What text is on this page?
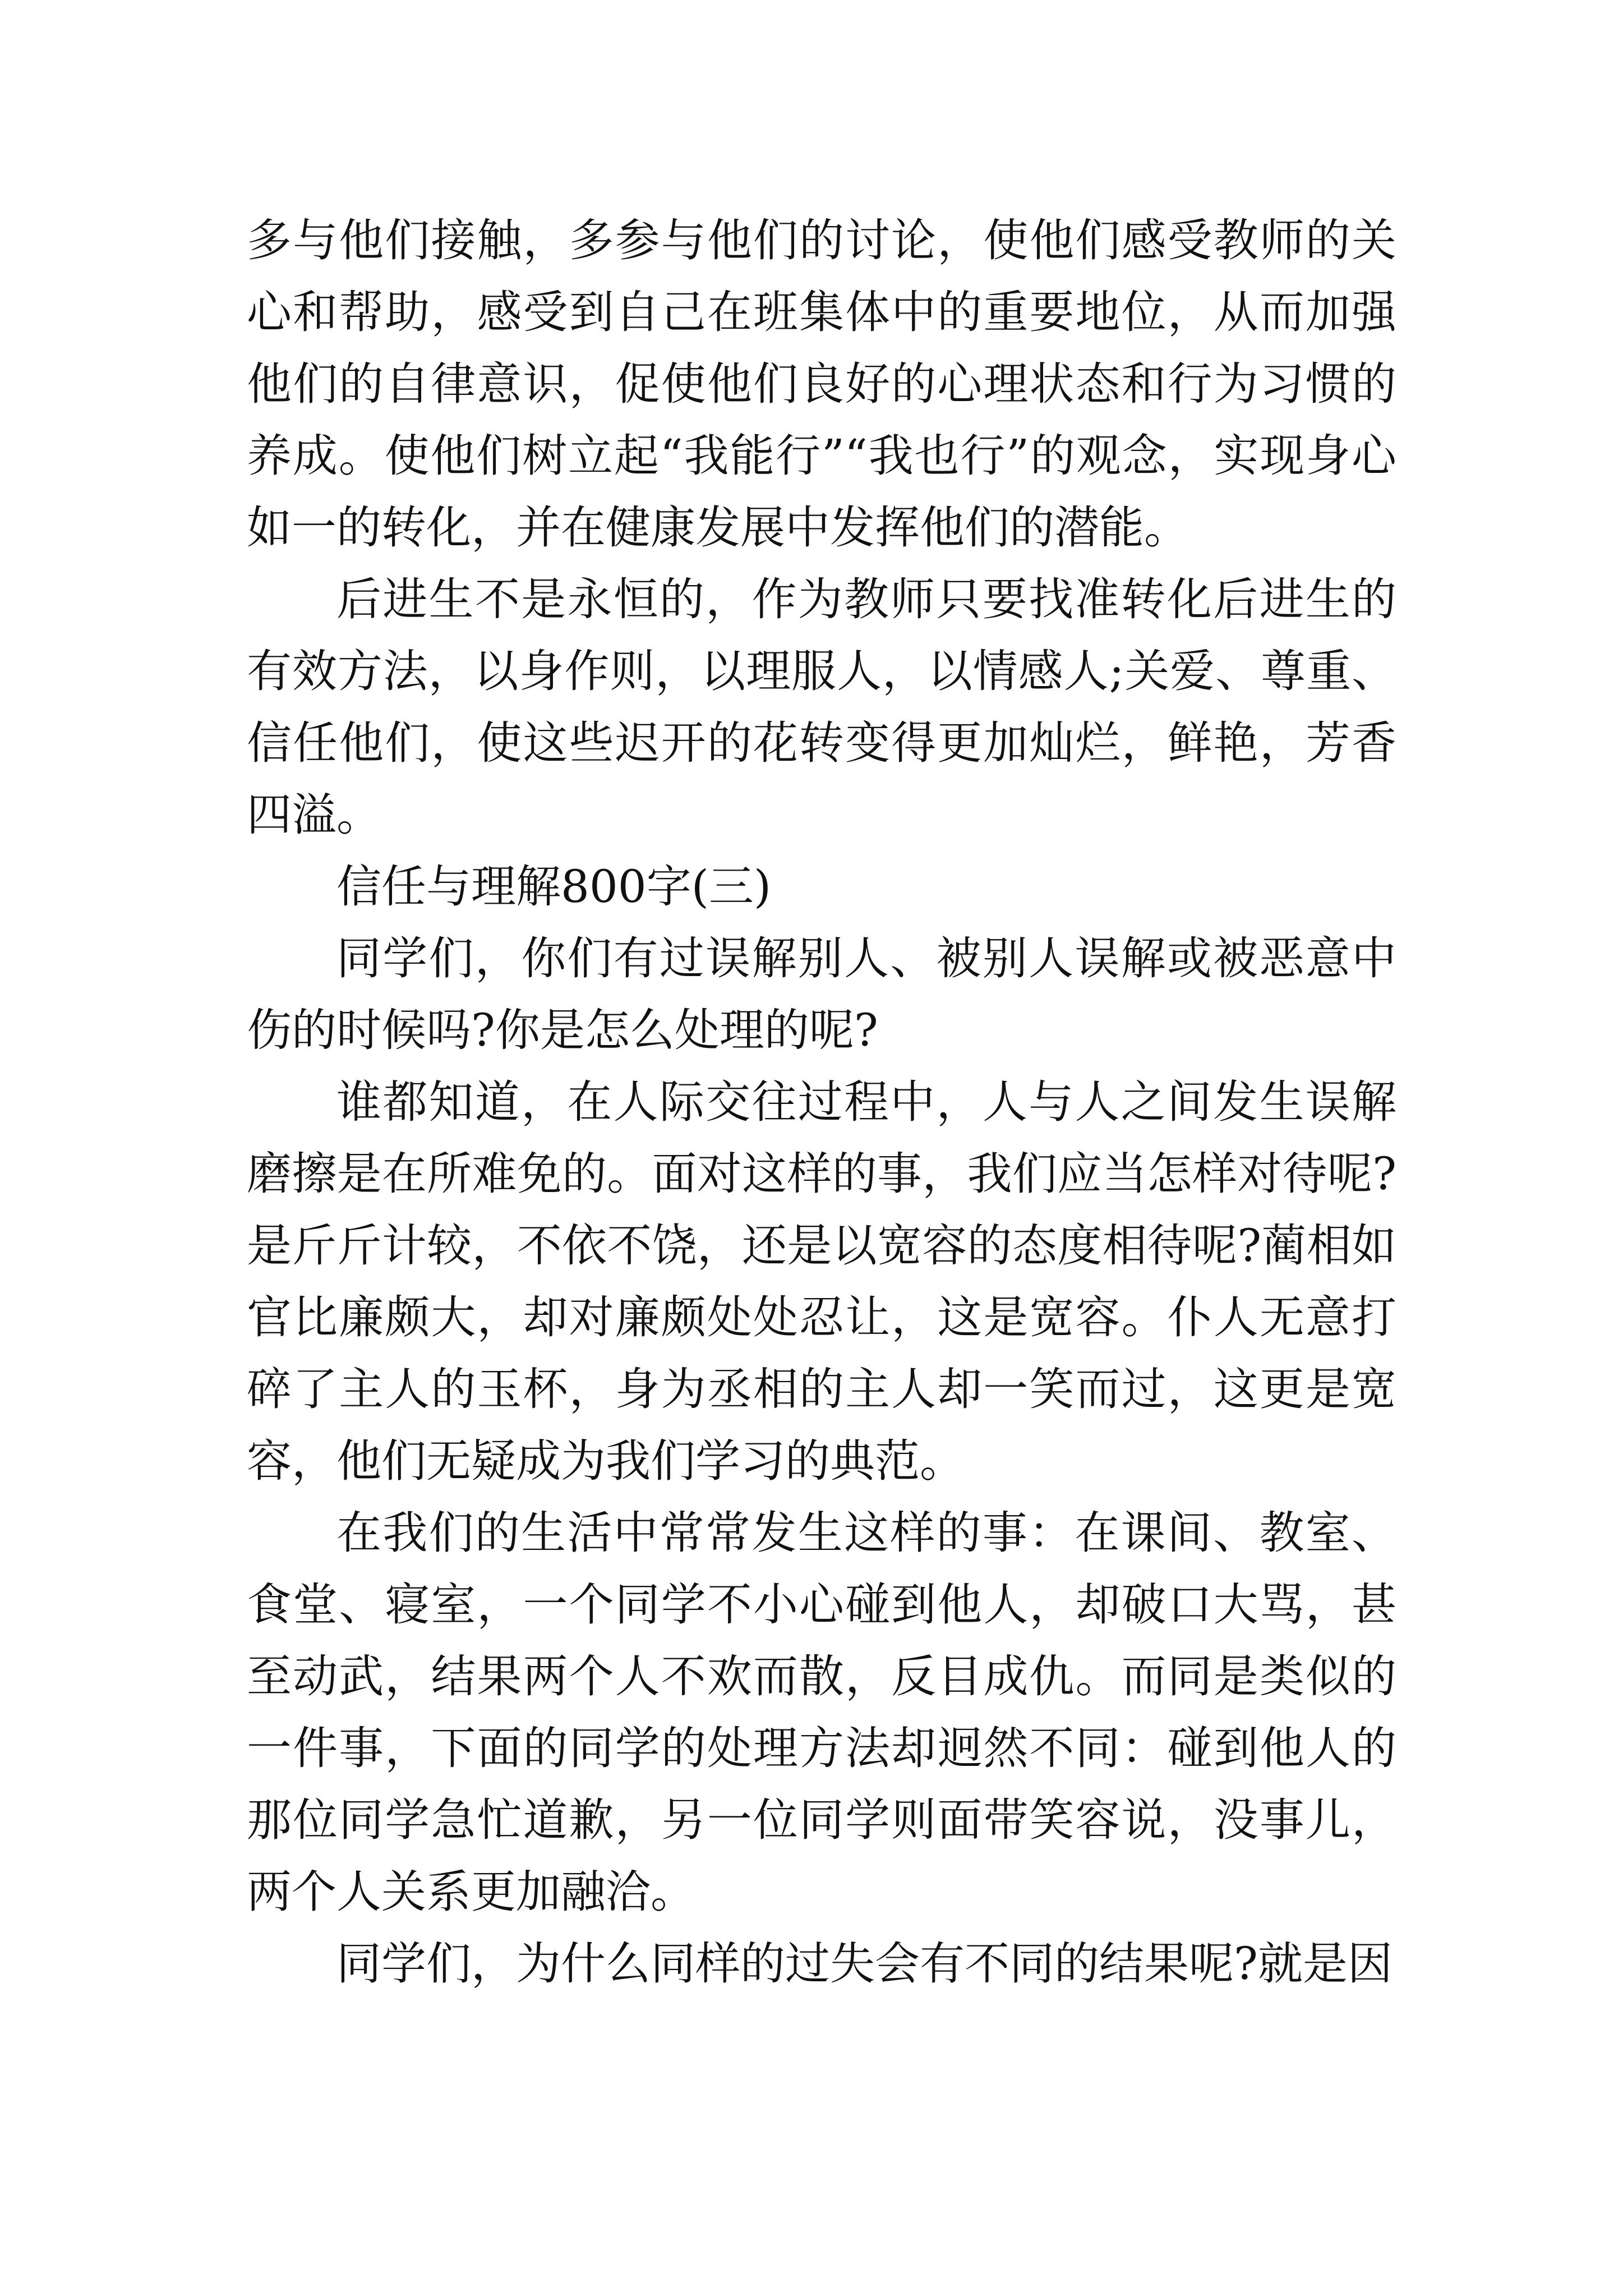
多与他们接触，多参与他们的讨论，使他们感受教师的关心和帮助，感受到自己在班集体中的重要地位，从而加强他们的自律意识，促使他们良好的心理状态和行为习惯的养成。使他们树立起“我能行”“我也行”的观念，实现身心如一的转化，并在健康发展中发挥他们的潜能。

后进生不是永恒的，作为教师只要找准转化后进生的有效方法，以身作则，以理服人，以情感人;关爱、尊重、信任他们，使这些迟开的花转变得更加灿烂，鲜艳，芳香四溢。

信任与理解800字(三)

同学们，你们有过误解别人、被别人误解或被恶意中伤的时候吗?你是怎么处理的呢?

谁都知道，在人际交往过程中，人与人之间发生误解磨擦是在所难免的。面对这样的事，我们应当怎样对待呢?是斤斤计较，不依不饶，还是以宽容的态度相待呢?蔺相如官比廉颇大，却对廉颇处处忍让，这是宽容。仆人无意打碎了主人的玉杯，身为丞相的主人却一笑而过，这更是宽容，他们无疑成为我们学习的典范。

在我们的生活中常常发生这样的事：在课间、教室、食堂、寝室，一个同学不小心碰到他人，却破口大骂，甚至动武，结果两个人不欢而散，反目成仇。而同是类似的一件事，下面的同学的处理方法却迥然不同：碰到他人的那位同学急忙道歉，另一位同学则面带笑容说，没事儿，两个人关系更加融洽。

同学们，为什么同样的过失会有不同的结果呢?就是因
